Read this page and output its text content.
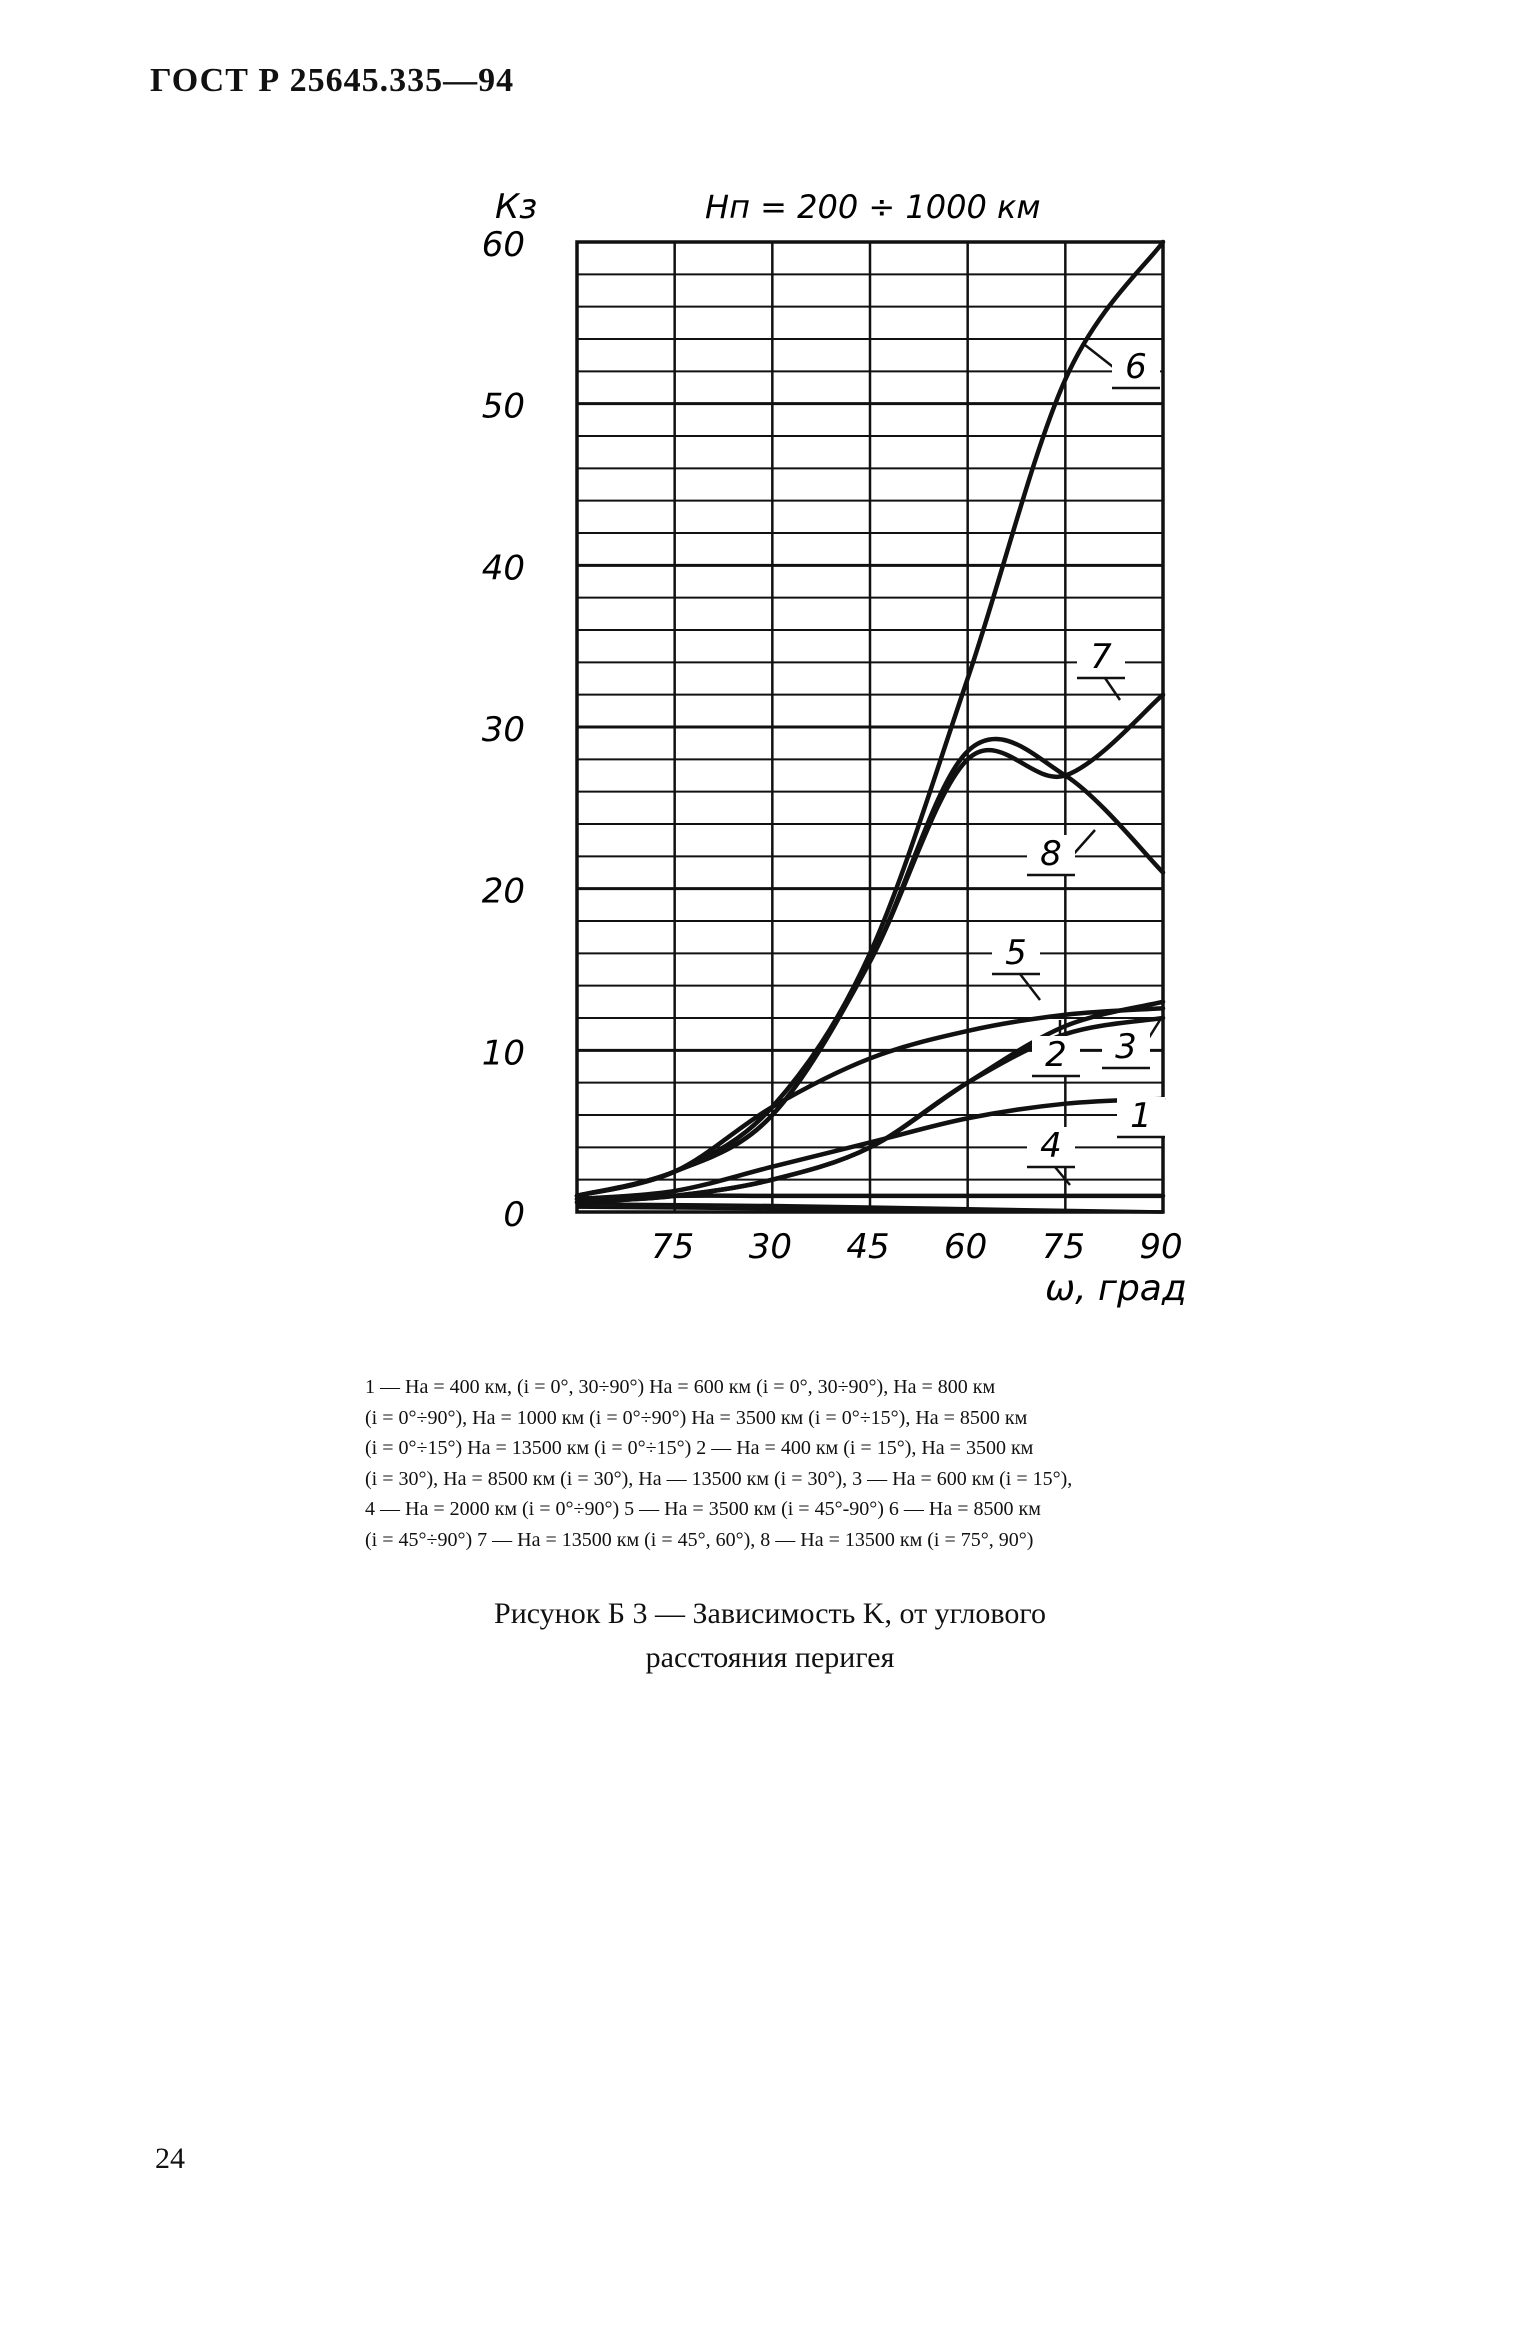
ГОСТ Р 25645.335—94
0
10
20
30
40
50
60
75 30 45 60 75 90
Кз
ω, град
Нп = 200 ÷ 1000 км
6
7
8
5
2 3
1
4
1 — Hа = 400 км, (i = 0°, 30÷90°) Hа = 600 км (i = 0°, 30÷90°), Hа = 800 км
(i = 0°÷90°), Hа = 1000 км (i = 0°÷90°) Hа = 3500 км (i = 0°÷15°), Hа = 8500 км
(i = 0°÷15°) Hа = 13500 км (i = 0°÷15°) 2 — Hа = 400 км (i = 15°), Hа = 3500 км
(i = 30°), Hа = 8500 км (i = 30°), Hа — 13500 км (i = 30°), 3 — Hа = 600 км (i = 15°),
4 — Hа = 2000 км (i = 0°÷90°) 5 — Hа = 3500 км (i = 45°-90°) 6 — Hа = 8500 км
(i = 45°÷90°) 7 — Hа = 13500 км (i = 45°, 60°), 8 — Hа = 13500 км (i = 75°, 90°)
Рисунок Б 3 — Зависимость K, от углового
расстояния перигея
24
